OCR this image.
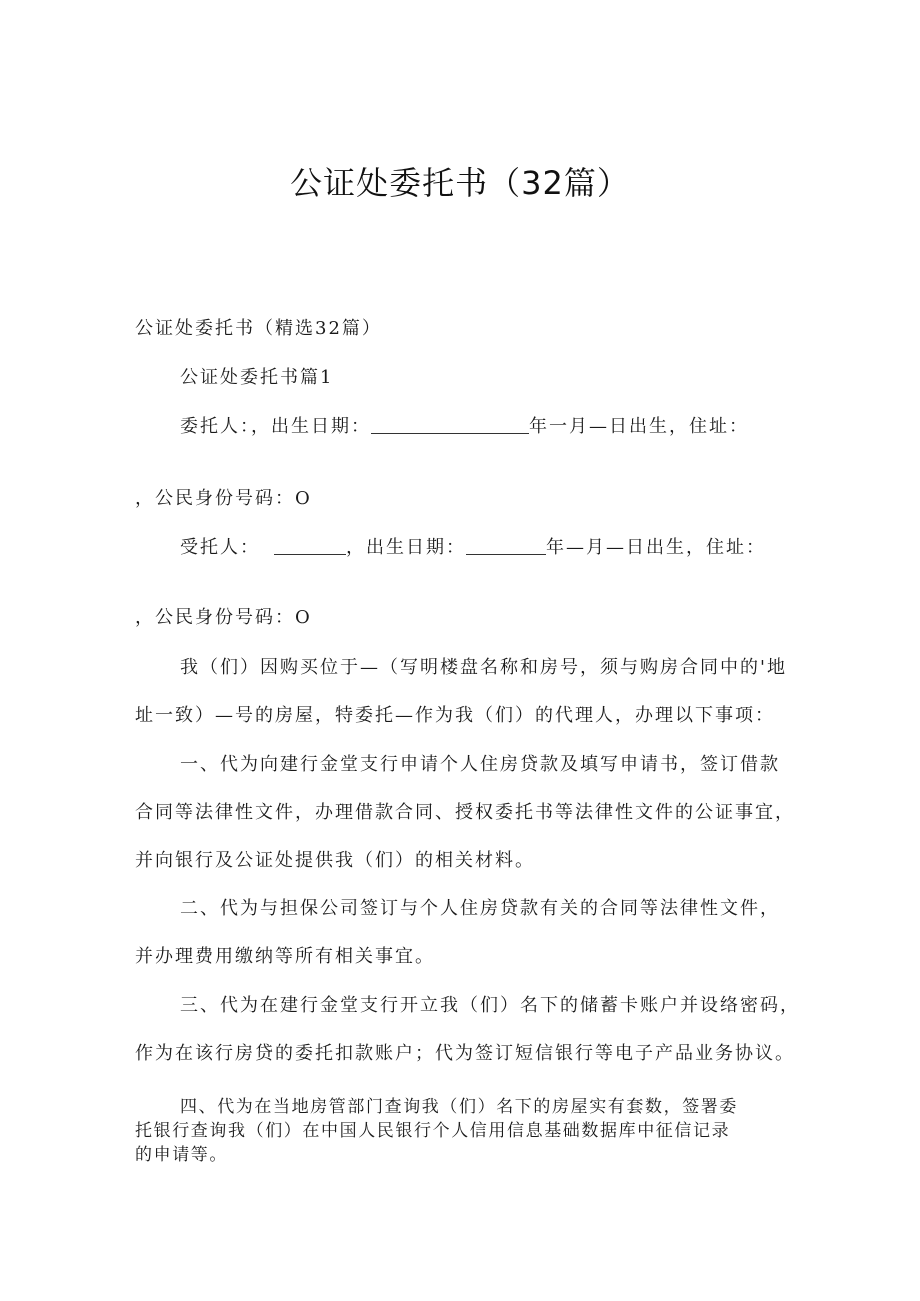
公证处委托书（32篇）
公证处委托书（精选32篇）
公证处委托书篇1
委托人：，出生日期：	年一月—日出生，住址：
，公民身份号码：O
受托人：	，出生日期：	年—月—日出生，住址：
，公民身份号码：O
我（们）因购买位于—（写明楼盘名称和房号，须与购房合同中的'地
址一致）—号的房屋，特委托—作为我（们）的代理人，办理以下事项：
一、代为向建行金堂支行申请个人住房贷款及填写申请书，签订借款
合同等法律性文件，办理借款合同、授权委托书等法律性文件的公证事宜，
并向银行及公证处提供我（们）的相关材料。
二、代为与担保公司签订与个人住房贷款有关的合同等法律性文件，
并办理费用缴纳等所有相关事宜。
三、代为在建行金堂支行开立我（们）名下的储蓄卡账户并设络密码，
作为在该行房贷的委托扣款账户；代为签订短信银行等电子产品业务协议。
四、代为在当地房管部门查询我（们）名下的房屋实有套数，签署委
托银行查询我（们）在中国人民银行个人信用信息基础数据库中征信记录
的申请等。
